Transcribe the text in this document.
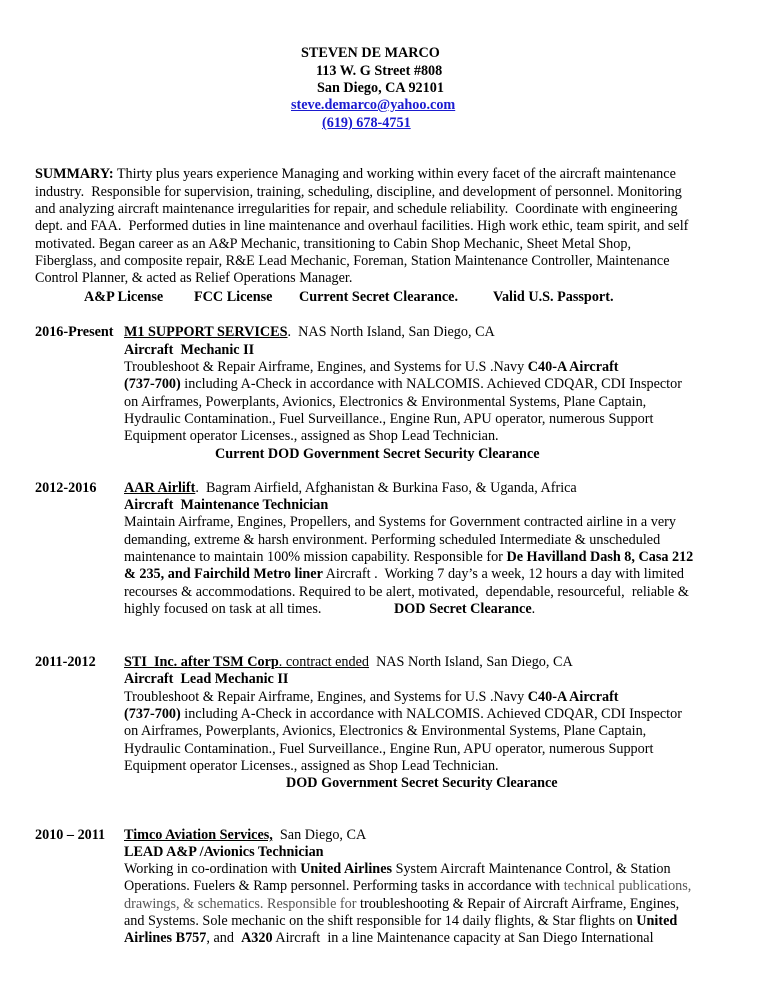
STEVEN DE MARCO
113 W. G Street #808
San Diego, CA 92101
steve.demarco@yahoo.com
(619) 678-4751
SUMMARY: Thirty plus years experience Managing and working within every facet of the aircraft maintenance
industry.  Responsible for supervision, training, scheduling, discipline, and development of personnel. Monitoring
and analyzing aircraft maintenance irregularities for repair, and schedule reliability.  Coordinate with engineering
dept. and FAA.  Performed duties in line maintenance and overhaul facilities. High work ethic, team spirit, and self
motivated. Began career as an A&P Mechanic, transitioning to Cabin Shop Mechanic, Sheet Metal Shop,
Fiberglass, and composite repair, R&E Lead Mechanic, Foreman, Station Maintenance Controller, Maintenance
Control Planner, & acted as Relief Operations Manager.
A&P License FCC License Current Secret Clearance. Valid U.S. Passport.
2016-Present M1 SUPPORT SERVICES.  NAS North Island, San Diego, CA
Aircraft  Mechanic II
Troubleshoot & Repair Airframe, Engines, and Systems for U.S .Navy C40-A Aircraft
(737-700) including A-Check in accordance with NALCOMIS. Achieved CDQAR, CDI Inspector
on Airframes, Powerplants, Avionics, Electronics & Environmental Systems, Plane Captain,
Hydraulic Contamination., Fuel Surveillance., Engine Run, APU operator, numerous Support
Equipment operator Licenses., assigned as Shop Lead Technician.
Current DOD Government Secret Security Clearance
2012-2016 AAR Airlift.  Bagram Airfield, Afghanistan & Burkina Faso, & Uganda, Africa
Aircraft  Maintenance Technician
Maintain Airframe, Engines, Propellers, and Systems for Government contracted airline in a very
demanding, extreme & harsh environment. Performing scheduled Intermediate & unscheduled
maintenance to maintain 100% mission capability. Responsible for De Havilland Dash 8, Casa 212
& 235, and Fairchild Metro liner Aircraft .  Working 7 day’s a week, 12 hours a day with limited
recourses & accommodations. Required to be alert, motivated,  dependable, resourceful,  reliable &
highly focused on task at all times.	DOD Secret Clearance.
2011-2012 STI  Inc. after TSM Corp. contract ended  NAS North Island, San Diego, CA
Aircraft  Lead Mechanic II
Troubleshoot & Repair Airframe, Engines, and Systems for U.S .Navy C40-A Aircraft
(737-700) including A-Check in accordance with NALCOMIS. Achieved CDQAR, CDI Inspector
on Airframes, Powerplants, Avionics, Electronics & Environmental Systems, Plane Captain,
Hydraulic Contamination., Fuel Surveillance., Engine Run, APU operator, numerous Support
Equipment operator Licenses., assigned as Shop Lead Technician.
DOD Government Secret Security Clearance
2010 – 2011 Timco Aviation Services,  San Diego, CA
LEAD A&P /Avionics Technician
Working in co-ordination with United Airlines System Aircraft Maintenance Control, & Station
Operations. Fuelers & Ramp personnel. Performing tasks in accordance with technical publications,
drawings, & schematics. Responsible for troubleshooting & Repair of Aircraft Airframe, Engines,
and Systems. Sole mechanic on the shift responsible for 14 daily flights, & Star flights on United
Airlines B757, and  A320 Aircraft  in a line Maintenance capacity at San Diego International
